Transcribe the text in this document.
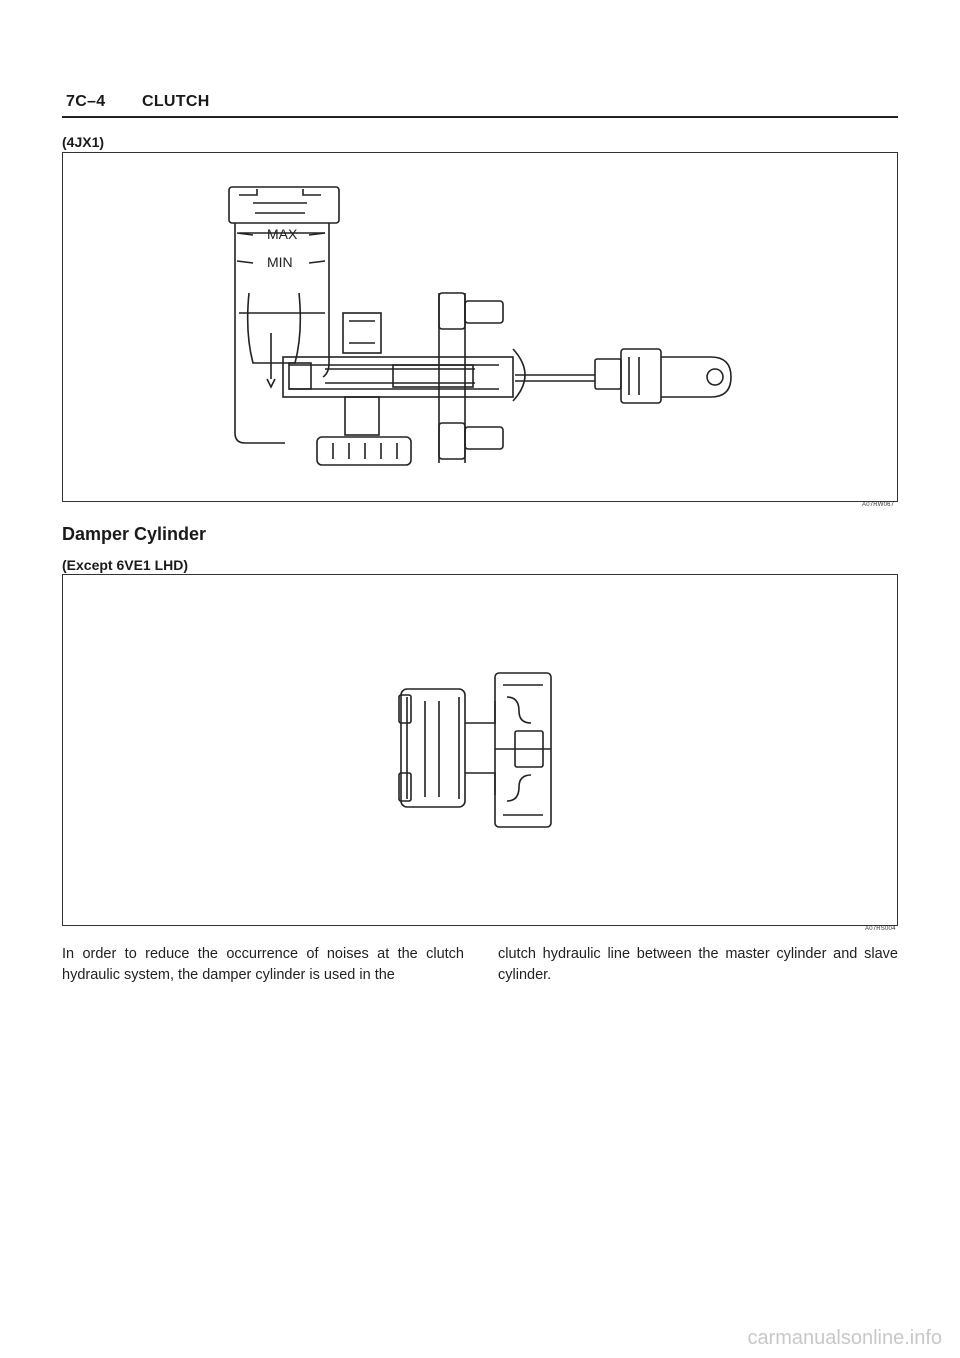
7C–4 CLUTCH
(4JX1)
MAX
MIN
A07RW067
Damper Cylinder
(Except 6VE1 LHD)
A07RS004
In order to reduce the occurrence of noises at the clutch hydraulic system, the damper cylinder is used in the
clutch hydraulic line between the master cylinder and slave cylinder.
carmanualsonline.info
